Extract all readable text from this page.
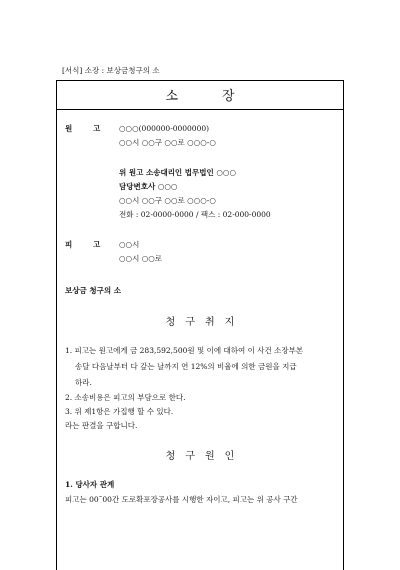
[서식] 소장 : 보상금청구의 소
소	장
원	고	○○○(000000-0000000)
○○시 ○○구 ○○로 ○○○-○
위 원고 소송대리인 법무법인 ○○○
담당변호사 ○○○
○○시 ○○구 ○○로 ○○○-○
전화 : 02-0000-0000 / 팩스 : 02-000-0000
피	고	○○시
○○시 ○○로
보상금 청구의 소
청 구 취 지
1. 피고는 원고에게 금 283,592,500원 및 이에 대하여 이 사건 소장부본
송달 다음날부터 다 갚는 날까지 연 12%의 비율에 의한 금원을 지급
하라.
2. 소송비용은 피고의 부담으로 한다.
3. 위 제1항은 가집행 할 수 있다.
라는 판결을 구합니다.
청 구 원 인
1. 당사자 관계
피고는 00˜00간 도로확포장공사를 시행한 자이고, 피고는 위 공사 구간
